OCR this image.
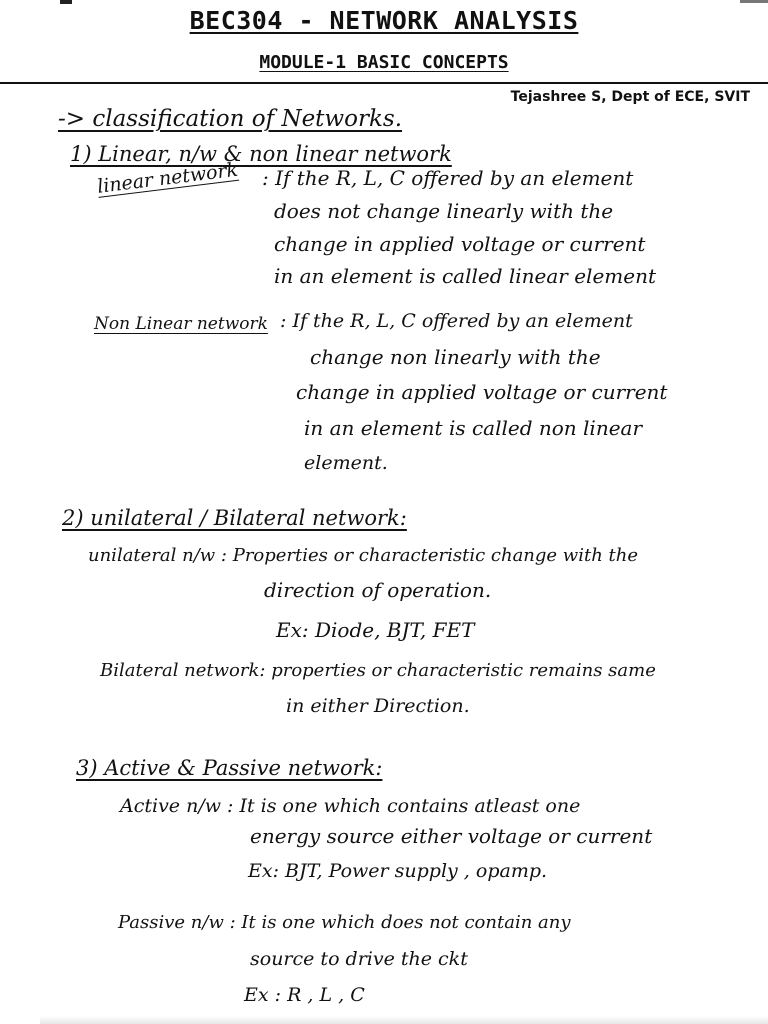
BEC304 - NETWORK ANALYSIS
MODULE-1 BASIC CONCEPTS
Tejashree S, Dept of ECE, SVIT
-> classification of Networks.
1) Linear, n/w & non linear network
linear network : If the R, L, C offered by an element
does not change linearly with the
change in applied voltage or current
in an element is called linear element
Non Linear network : If the R, L, C offered by an element
change non linearly with the
change in applied voltage or current
in an element is called non linear
element.
2) unilateral / Bilateral network:
unilateral n/w : Properties or characteristic change with the
direction of operation.
Ex: Diode, BJT, FET
Bilateral network: properties or characteristic remains same
in either Direction.
3) Active & Passive network:
Active n/w : It is one which contains atleast one
energy source either voltage or current
Ex: BJT, Power supply , opamp.
Passive n/w : It is one which does not contain any
source to drive the ckt
Ex : R , L , C
